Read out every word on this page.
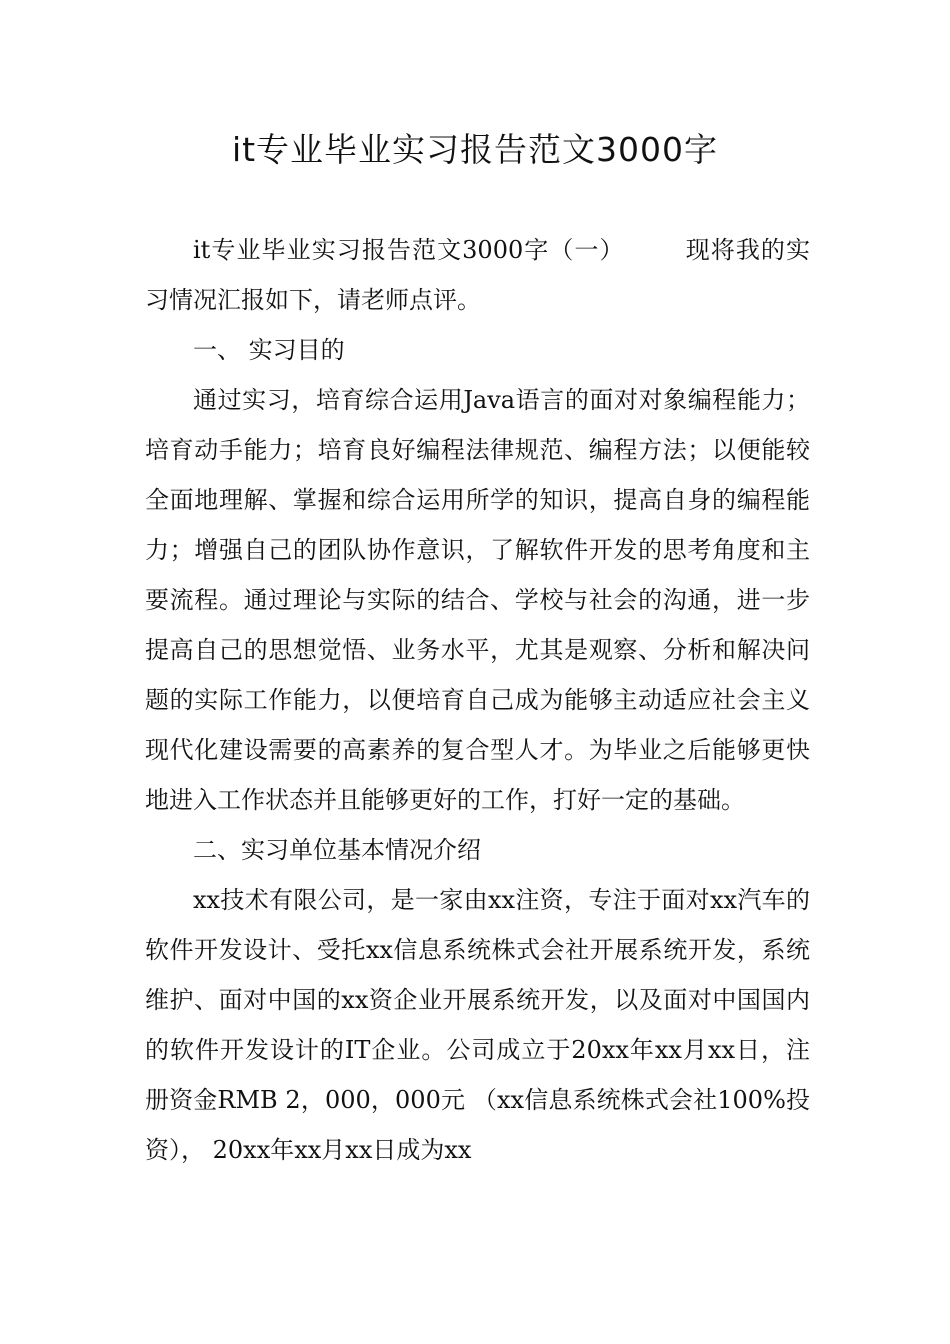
it专业毕业实习报告范文3000字

it专业毕业实习报告范文3000字（一）	现将我的实习情况汇报如下，请老师点评。

一、 实习目的

通过实习，培育综合运用Java语言的面对对象编程能力；培育动手能力；培育良好编程法律规范、编程方法；以便能较全面地理解、掌握和综合运用所学的知识，提高自身的编程能力；增强自己的团队协作意识，了解软件开发的思考角度和主要流程。通过理论与实际的结合、学校与社会的沟通，进一步提高自己的思想觉悟、业务水平，尤其是观察、分析和解决问题的实际工作能力，以便培育自己成为能够主动适应社会主义现代化建设需要的高素养的复合型人才。为毕业之后能够更快地进入工作状态并且能够更好的工作，打好一定的基础。

二、实习单位基本情况介绍

xx技术有限公司，是一家由xx注资，专注于面对xx汽车的软件开发设计、受托xx信息系统株式会社开展系统开发，系统维护、面对中国的xx资企业开展系统开发，以及面对中国国内的软件开发设计的IT企业。公司成立于20xx年xx月xx日，注册资金RMB 2，000，000元 （xx信息系统株式会社100%投资）， 20xx年xx月xx日成为xx
